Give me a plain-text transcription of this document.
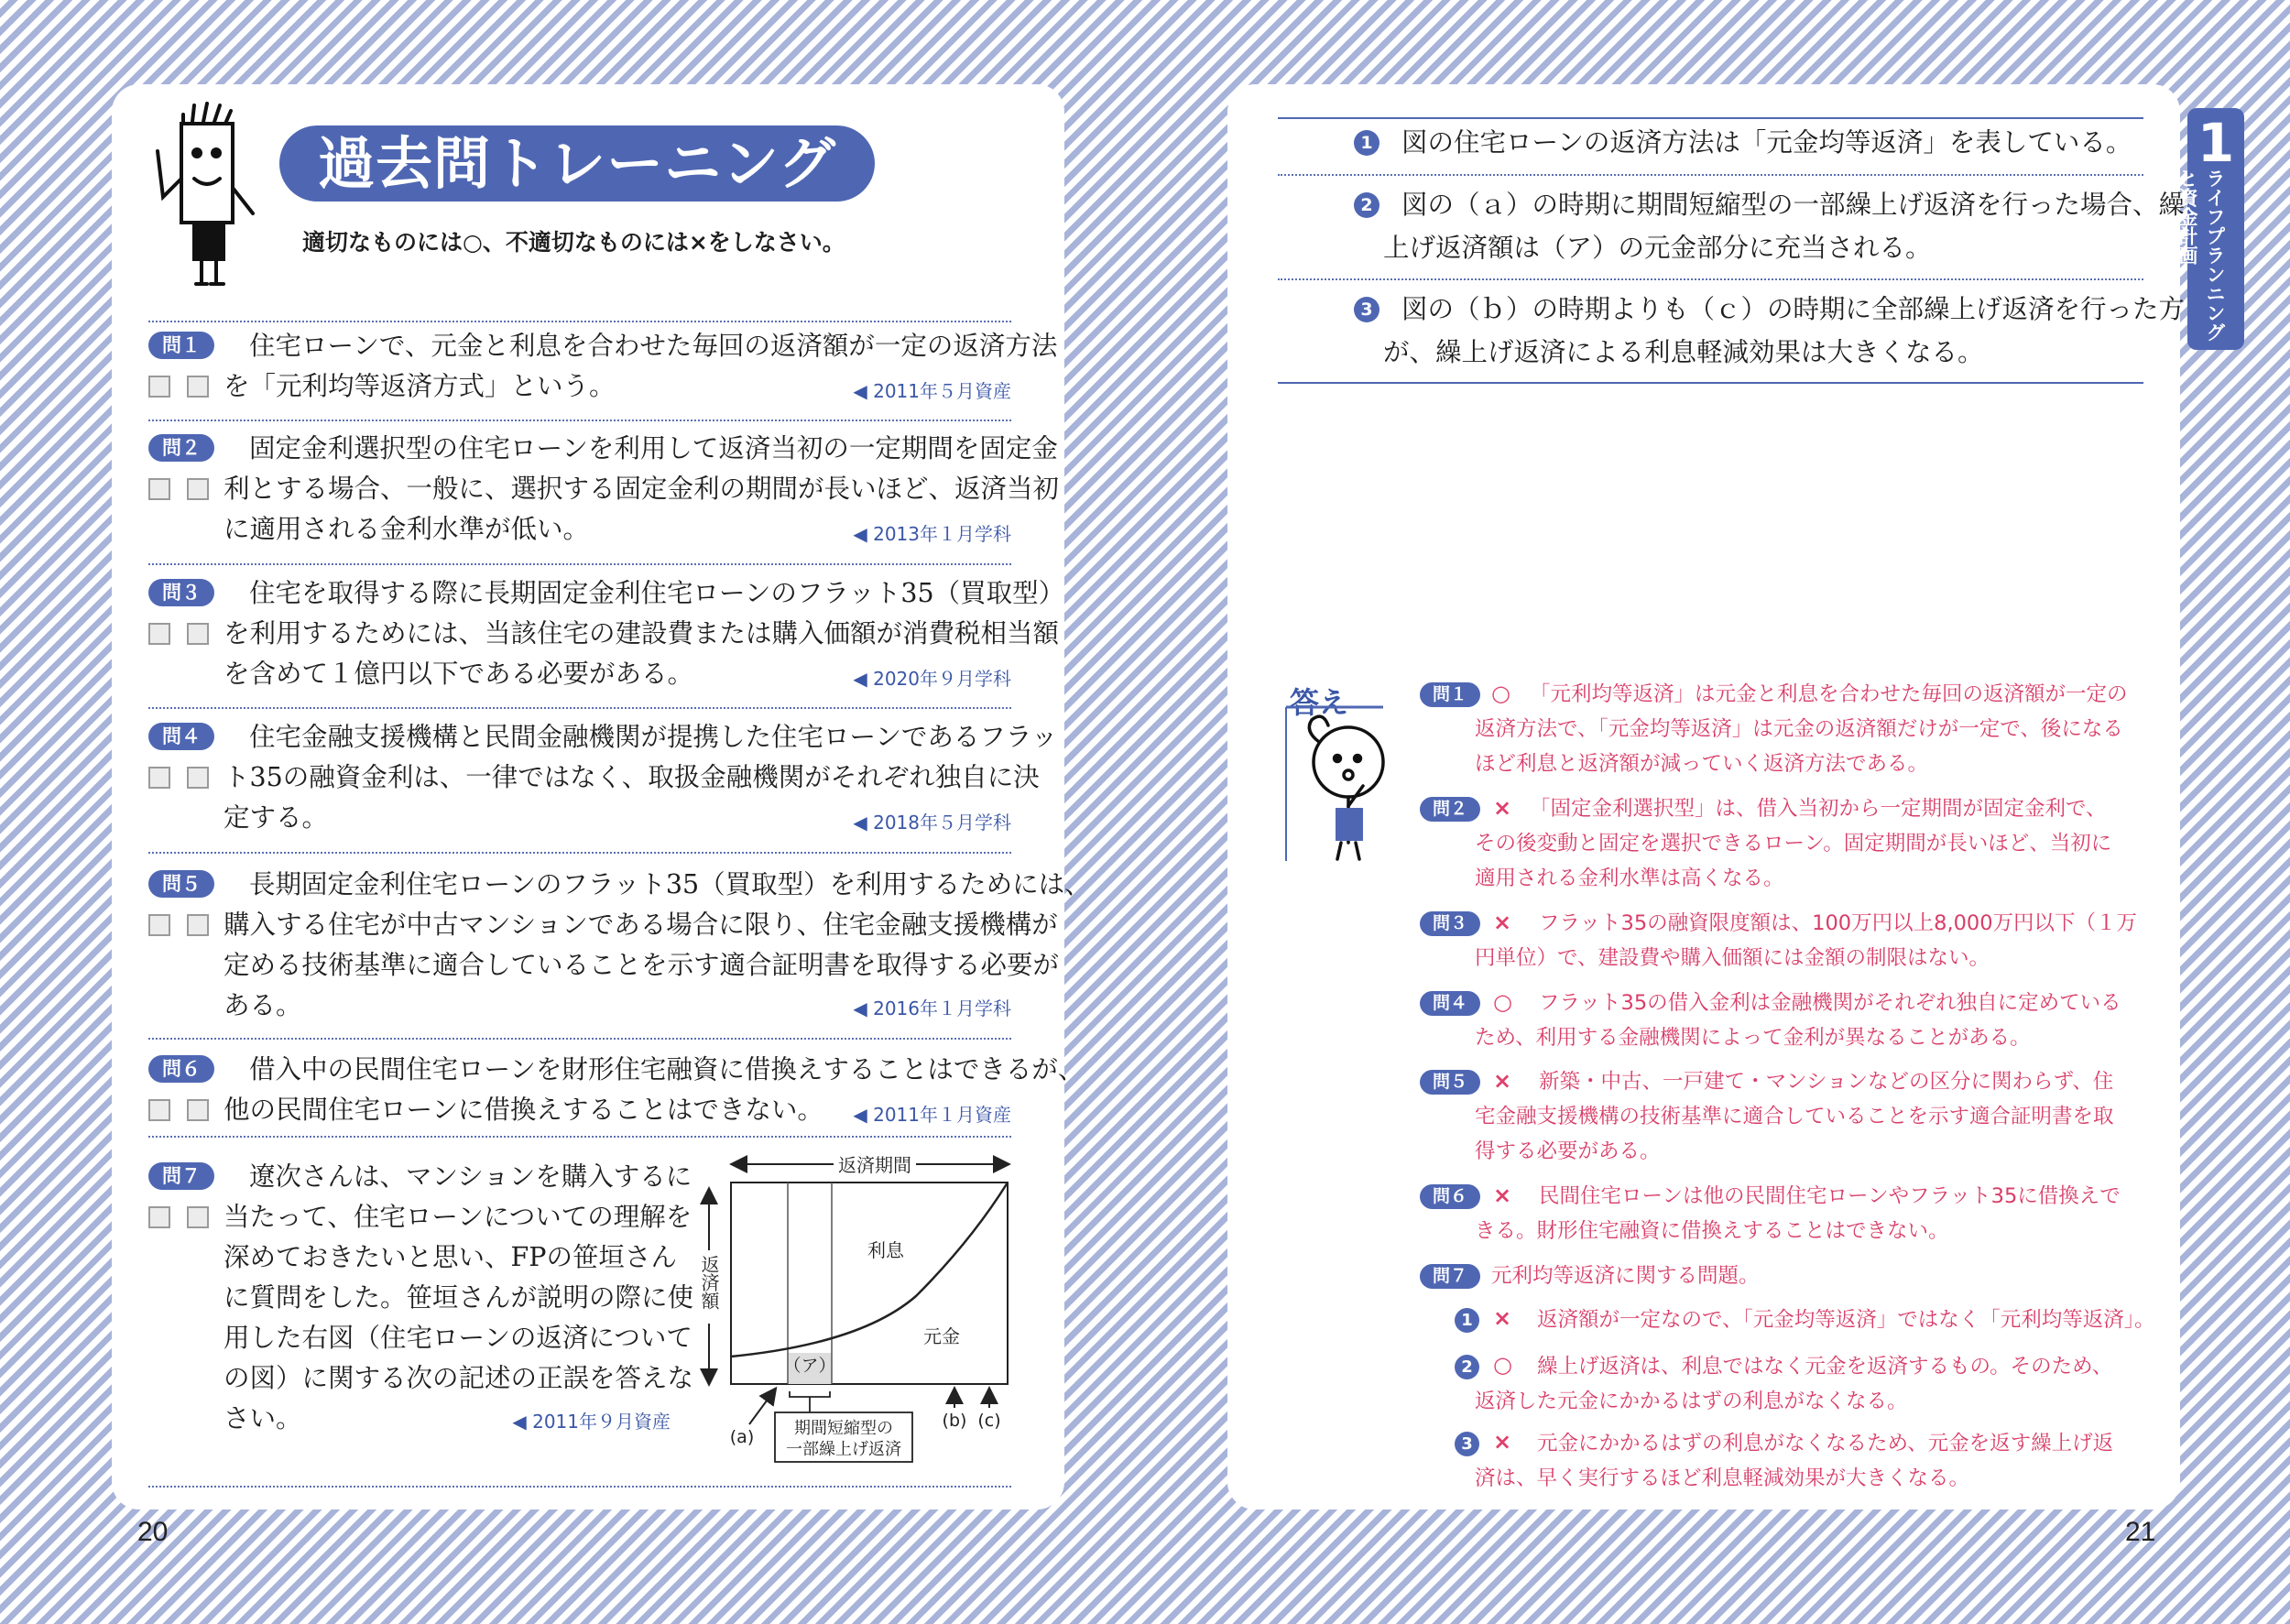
過去問トレーニング
適切なものには○、不適切なものには×をしなさい。
問１	住宅ローンで、元金と利息を合わせた毎回の返済額が一定の返済方法
を「元利均等返済方式」という。	◀ 2011年５月資産
問２	固定金利選択型の住宅ローンを利用して返済当初の一定期間を固定金
利とする場合、一般に、選択する固定金利の期間が長いほど、返済当初
に適用される金利水準が低い。	◀ 2013年１月学科
問３	住宅を取得する際に長期固定金利住宅ローンのフラット35（買取型）
を利用するためには、当該住宅の建設費または購入価額が消費税相当額
を含めて１億円以下である必要がある。	◀ 2020年９月学科
問４	住宅金融支援機構と民間金融機関が提携した住宅ローンであるフラッ
ト35の融資金利は、一律ではなく、取扱金融機関がそれぞれ独自に決
定する。	◀ 2018年５月学科
問５	長期固定金利住宅ローンのフラット35（買取型）を利用するためには、
購入する住宅が中古マンションである場合に限り、住宅金融支援機構が
定める技術基準に適合していることを示す適合証明書を取得する必要が
ある。	◀ 2016年１月学科
問６	借入中の民間住宅ローンを財形住宅融資に借換えすることはできるが、
他の民間住宅ローンに借換えすることはできない。	◀ 2011年１月資産
問７	遼次さんは、マンションを購入するに
当たって、住宅ローンについての理解を
深めておきたいと思い、FPの笹垣さん
に質問をした。笹垣さんが説明の際に使
用した右図（住宅ローンの返済について
の図）に関する次の記述の正誤を答えな
さい。	◀ 2011年９月資産
返済期間
返済額
利息
元金
（ア）
期間短縮型の
一部繰上げ返済
(a)
(b) (c)
1 図の住宅ローンの返済方法は「元金均等返済」を表している。
2	図の（ａ）の時期に期間短縮型の一部繰上げ返済を行った場合、繰
上げ返済額は（ア）の元金部分に充当される。
3	図の（ｂ）の時期よりも（ｃ）の時期に全部繰上げ返済を行った方
が、繰上げ返済による利息軽減効果は大きくなる。
1
ライフプランニングと資金計画
答え	問１	○ 「元利均等返済」は元金と利息を合わせた毎回の返済額が一定の
返済方法で、「元金均等返済」は元金の返済額だけが一定で、後になる
ほど利息と返済額が減っていく返済方法である。
問２	× 「固定金利選択型」は、借入当初から一定期間が固定金利で、
その後変動と固定を選択できるローン。固定期間が長いほど、当初に
適用される金利水準は高くなる。
問３	×	フラット35の融資限度額は、100万円以上8,000万円以下（１万
円単位）で、建設費や購入価額には金額の制限はない。
問４	○	フラット35の借入金利は金融機関がそれぞれ独自に定めている
ため、利用する金融機関によって金利が異なることがある。
問５	×	新築・中古、一戸建て・マンションなどの区分に関わらず、住
宅金融支援機構の技術基準に適合していることを示す適合証明書を取
得する必要がある。
問６	×	民間住宅ローンは他の民間住宅ローンやフラット35に借換えで
きる。財形住宅融資に借換えすることはできない。
問７	元利均等返済に関する問題。
1 × 返済額が一定なので、「元金均等返済」ではなく「元利均等返済」。
2 ○	繰上げ返済は、利息ではなく元金を返済するもの。そのため、
返済した元金にかかるはずの利息がなくなる。
3 ×	元金にかかるはずの利息がなくなるため、元金を返す繰上げ返
済は、早く実行するほど利息軽減効果が大きくなる。
20	21
